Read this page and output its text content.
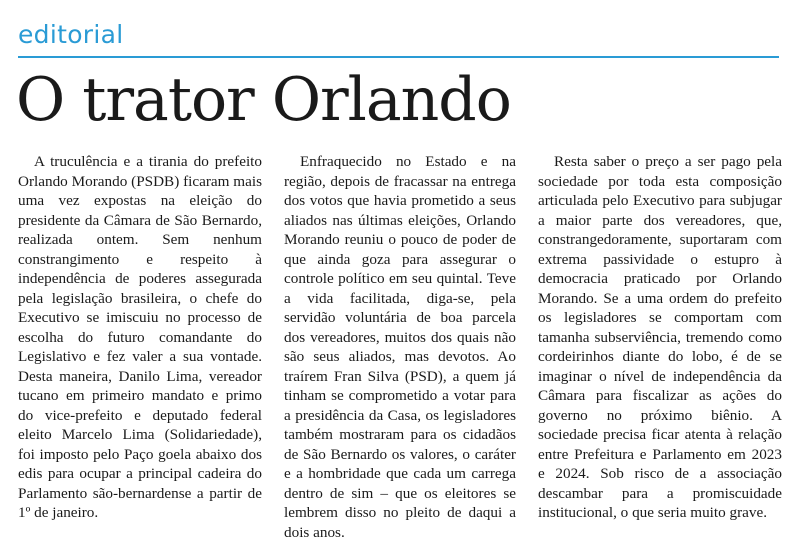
editorial
O trator Orlando

A truculência e a tirania do prefeito Orlando Morando (PSDB) ficaram mais uma vez expostas na eleição do presidente da Câmara de São Bernardo, realizada ontem. Sem nenhum constrangimento e respeito à independência de poderes assegurada pela legislação brasileira, o chefe do Executivo se imiscuiu no processo de escolha do futuro comandante do Legislativo e fez valer a sua vontade. Desta maneira, Danilo Lima, vereador tucano em primeiro mandato e primo do vice-prefeito e deputado federal eleito Marcelo Lima (Solidariedade), foi imposto pelo Paço goela abaixo dos edis para ocupar a principal cadeira do Parlamento são-bernardense a partir de 1º de janeiro.

Enfraquecido no Estado e na região, depois de fracassar na entrega dos votos que havia prometido a seus aliados nas últimas eleições, Orlando Morando reuniu o pouco de poder de que ainda goza para assegurar o controle político em seu quintal. Teve a vida facilitada, diga-se, pela servidão voluntária de boa parcela dos vereadores, muitos dos quais não são seus aliados, mas devotos. Ao traírem Fran Silva (PSD), a quem já tinham se comprometido a votar para a presidência da Casa, os legisladores também mostraram para os cidadãos de São Bernardo os valores, o caráter e a hombridade que cada um carrega dentro de sim – que os eleitores se lembrem disso no pleito de daqui a dois anos.

Resta saber o preço a ser pago pela sociedade por toda esta composição articulada pelo Executivo para subjugar a maior parte dos vereadores, que, constrangedoramente, suportaram com extrema passividade o estupro à democracia praticado por Orlando Morando. Se a uma ordem do prefeito os legisladores se comportam com tamanha subserviência, tremendo como cordeirinhos diante do lobo, é de se imaginar o nível de independência da Câmara para fiscalizar as ações do governo no próximo biênio. A sociedade precisa ficar atenta à relação entre Prefeitura e Parlamento em 2023 e 2024. Sob risco de a associação descambar para a promiscuidade institucional, o que seria muito grave.
